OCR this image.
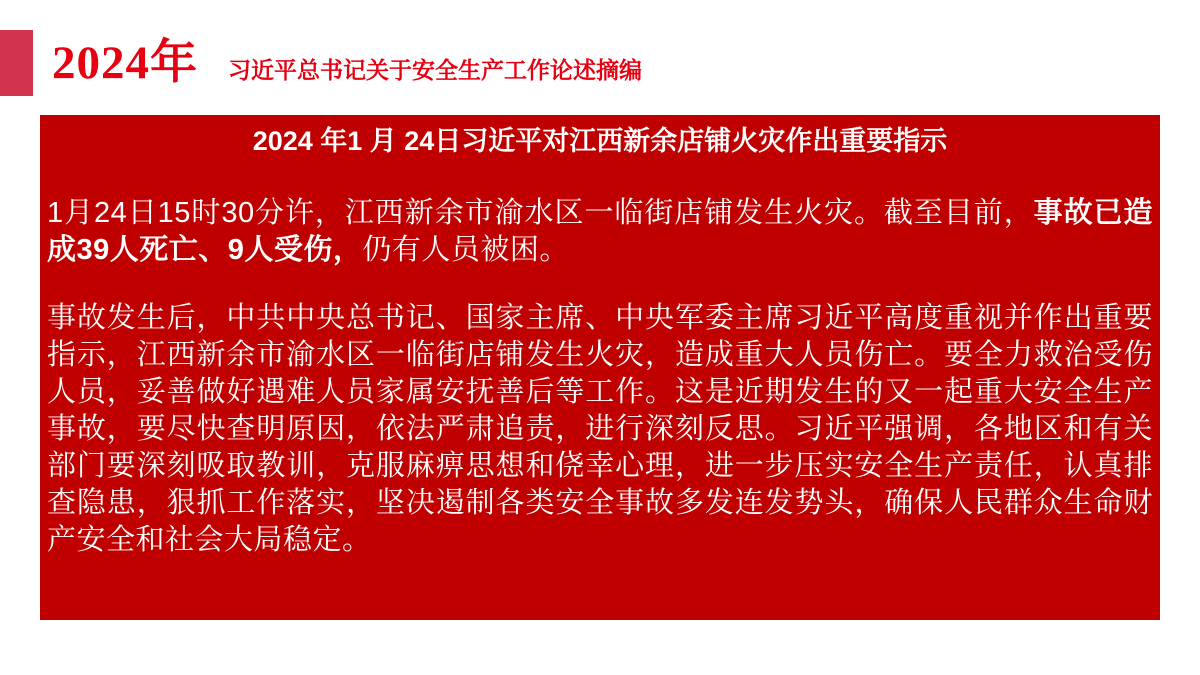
2024年 习近平总书记关于安全生产工作论述摘编
2024 年1 月 24日习近平对江西新余店铺火灾作出重要指示

1月24日15时30分许，江西新余市渝水区一临街店铺发生火灾。截至目前，事故已造成39人死亡、9人受伤，仍有人员被困。

事故发生后，中共中央总书记、国家主席、中央军委主席习近平高度重视并作出重要指示，江西新余市渝水区一临街店铺发生火灾，造成重大人员伤亡。要全力救治受伤人员，妥善做好遇难人员家属安抚善后等工作。这是近期发生的又一起重大安全生产事故，要尽快查明原因，依法严肃追责，进行深刻反思。习近平强调，各地区和有关部门要深刻吸取教训，克服麻痹思想和侥幸心理，进一步压实安全生产责任，认真排查隐患，狠抓工作落实，坚决遏制各类安全事故多发连发势头，确保人民群众生命财产安全和社会大局稳定。
